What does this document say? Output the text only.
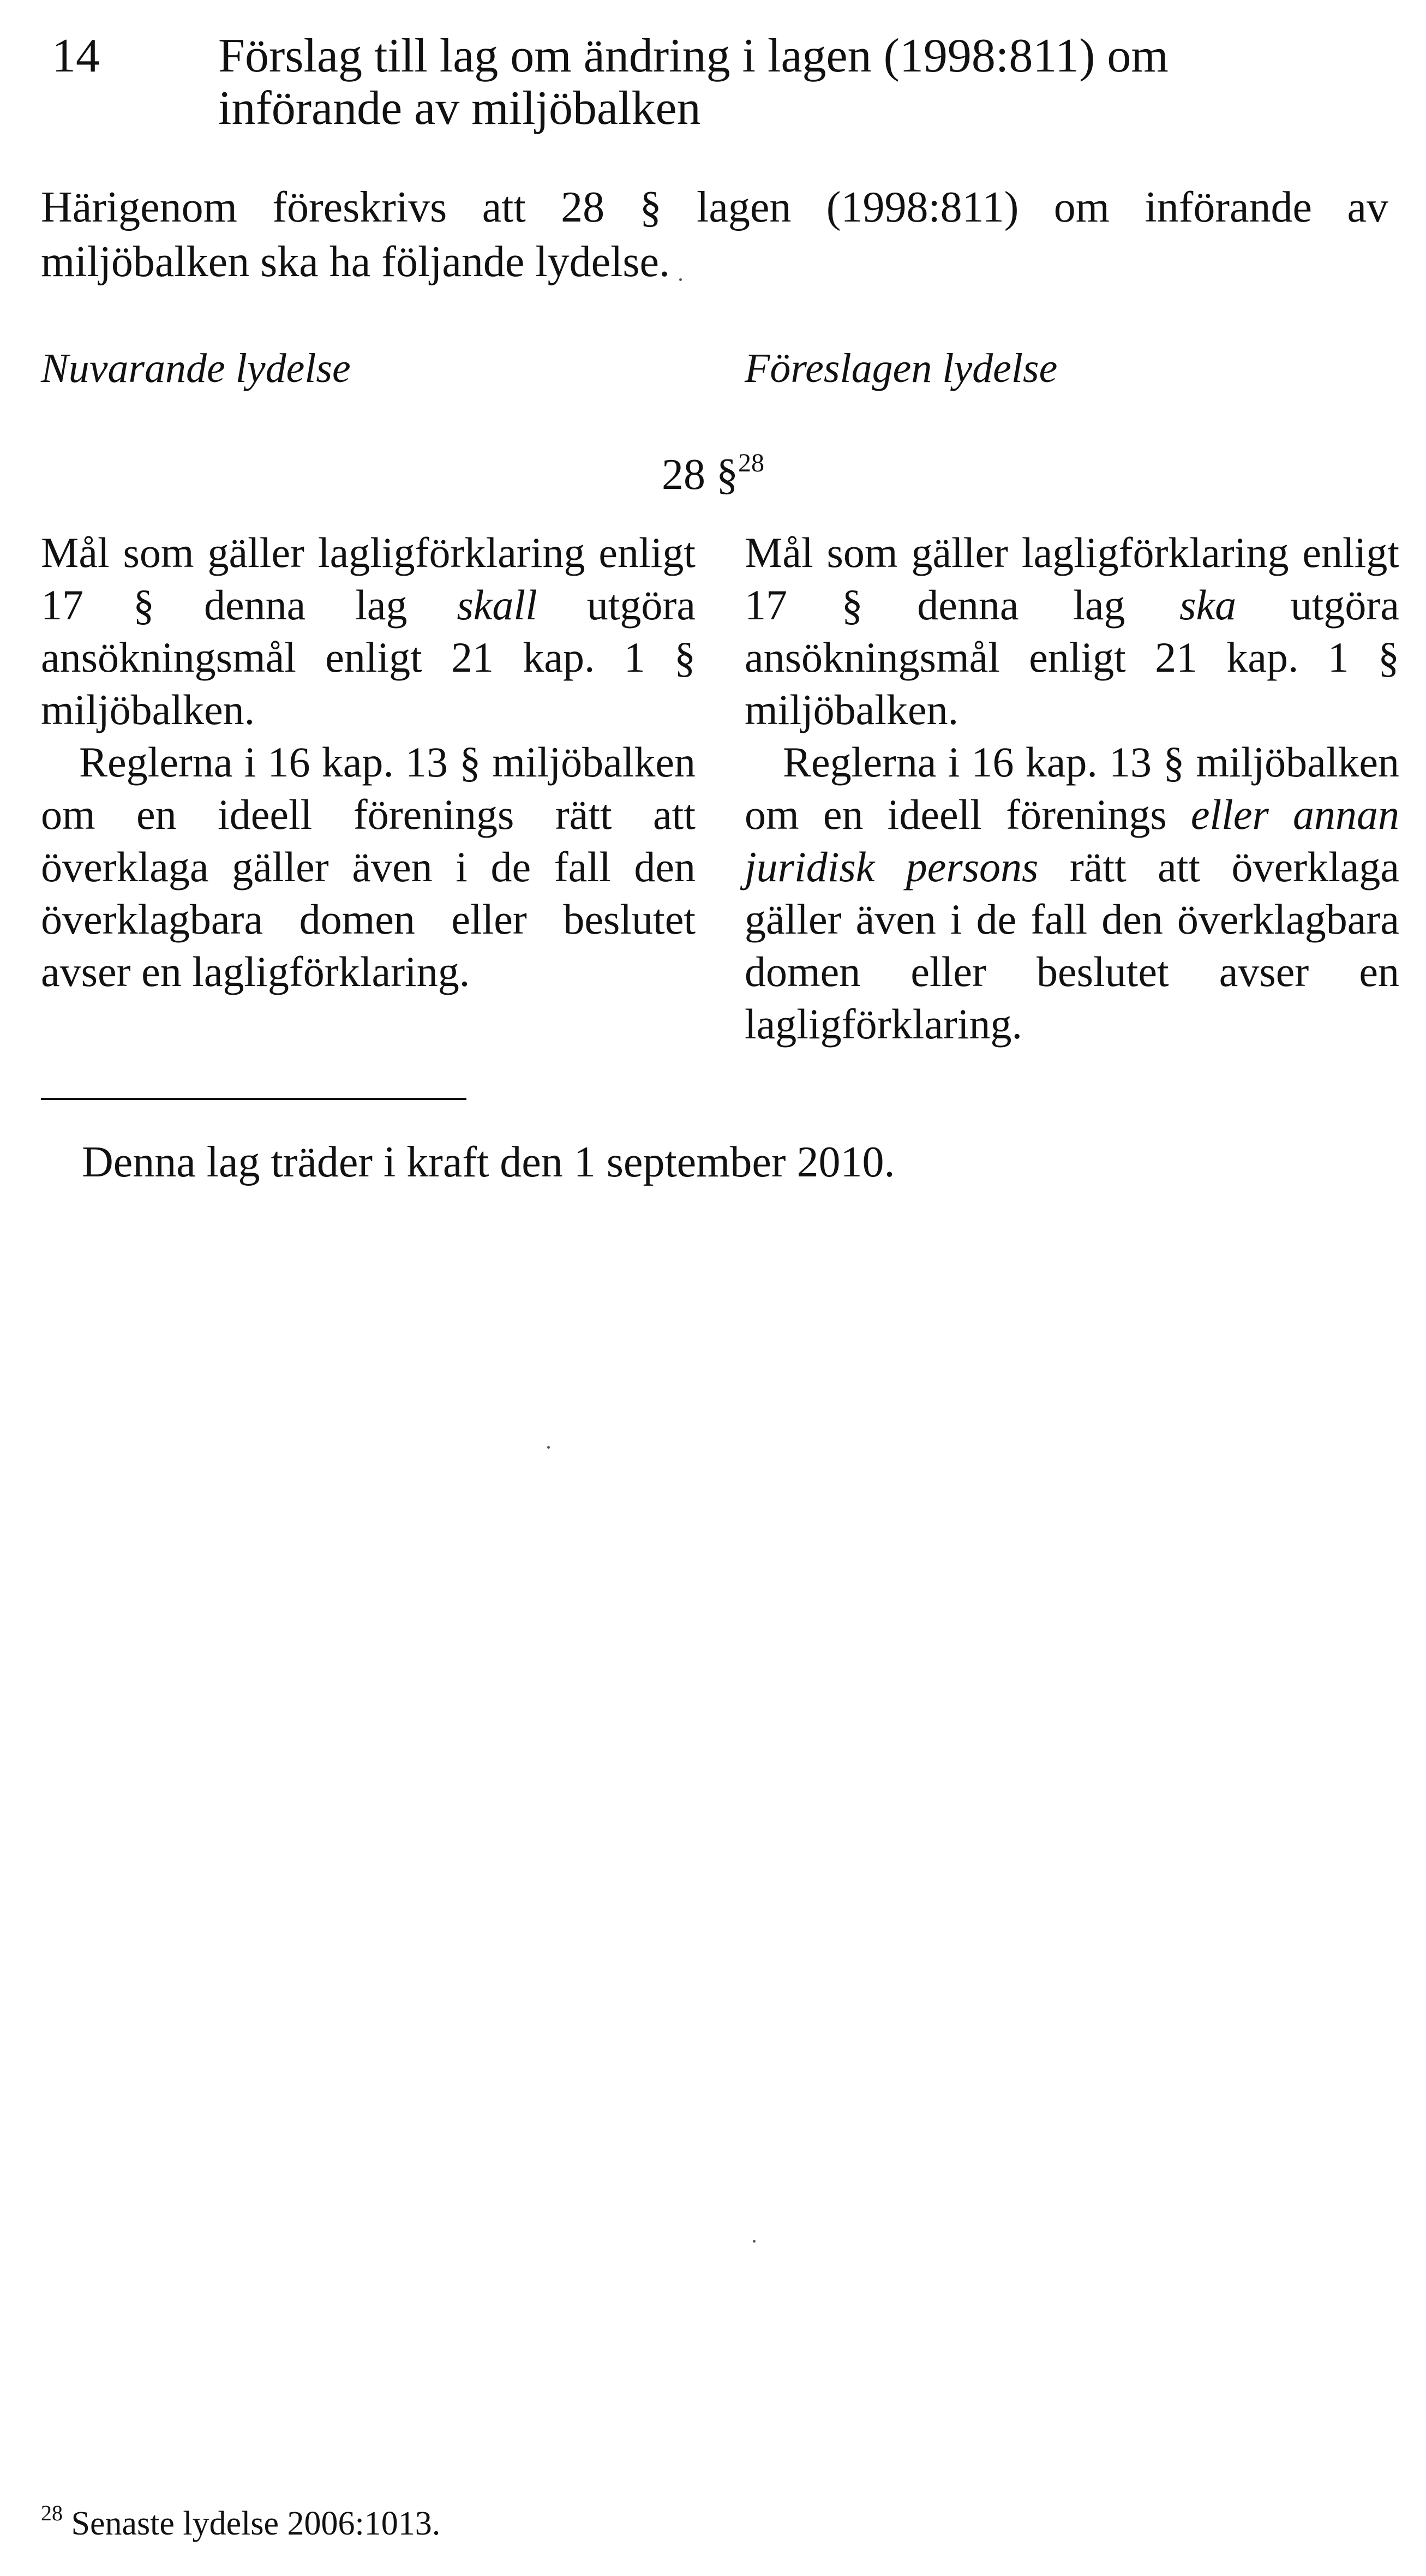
14 Förslag till lag om ändring i lagen (1998:811) om införande av miljöbalken
Härigenom föreskrivs att 28 § lagen (1998:811) om införande av miljöbalken ska ha följande lydelse.
Nuvarande lydelse	Föreslagen lydelse
28 §$^{28}$

Mål som gäller lagligförklaring enligt 17 § denna lag skall utgöra ansökningsmål enligt 21 kap. 1 § miljöbalken.

Reglerna i 16 kap. 13 § miljöbalken om en ideell förenings rätt att överklaga gäller även i de fall den överklagbara domen eller beslutet avser en lagligförklaring.

Mål som gäller lagligförklaring enligt 17 § denna lag ska utgöra ansökningsmål enligt 21 kap. 1 § miljöbalken.

Reglerna i 16 kap. 13 § miljöbalken om en ideell förenings eller annan juridisk persons rätt att överklaga gäller även i de fall den överklagbara domen eller beslutet avser en lagligförklaring.

Denna lag träder i kraft den 1 september 2010.
$^{28}$ Senaste lydelse 2006:1013.
